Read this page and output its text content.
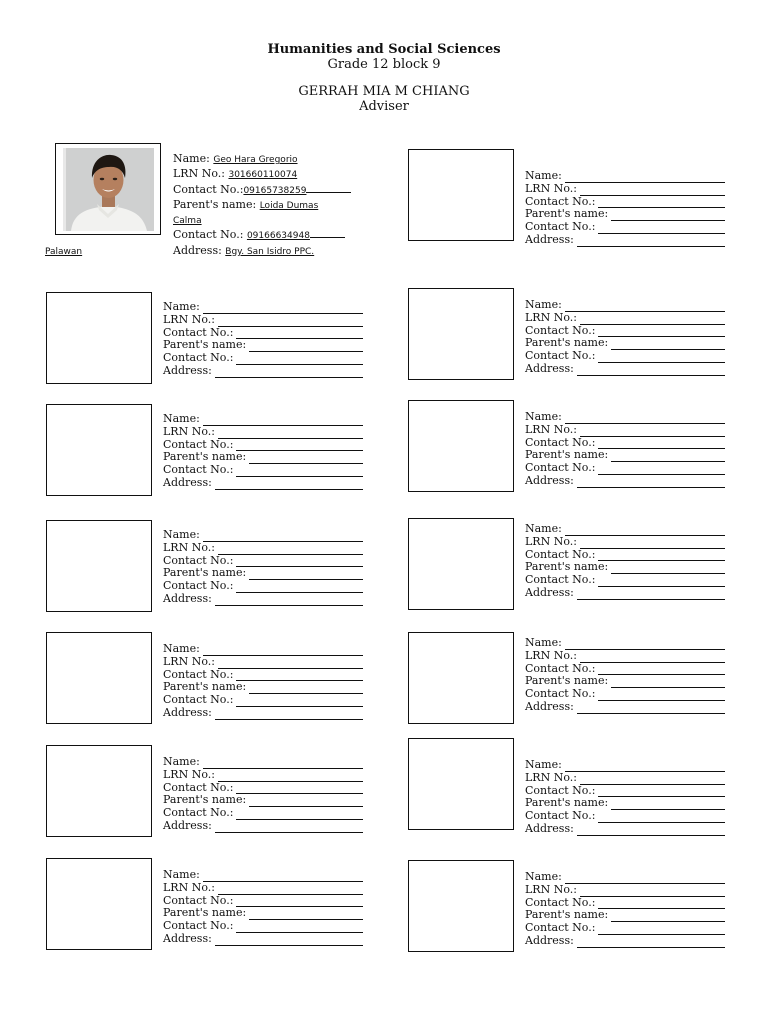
Humanities and Social Sciences
Grade 12 block 9
GERRAH MIA M CHIANG
Adviser
Name: Geo Hara Gregorio
LRN No.: 301660110074
Contact No.:09165738259
Parent's name: Loida Dumas
Calma
Contact No.: 09166634948
Address: Bgy. San Isidro PPC.
Palawan
Name:
LRN No.:
Contact No.:
Parent's name:
Contact No.:
Address:
Name:
LRN No.:
Contact No.:
Parent's name:
Contact No.:
Address:
Name:
LRN No.:
Contact No.:
Parent's name:
Contact No.:
Address:
Name:
LRN No.:
Contact No.:
Parent's name:
Contact No.:
Address:
Name:
LRN No.:
Contact No.:
Parent's name:
Contact No.:
Address:
Name:
LRN No.:
Contact No.:
Parent's name:
Contact No.:
Address:
Name:
LRN No.:
Contact No.:
Parent's name:
Contact No.:
Address:
Name:
LRN No.:
Contact No.:
Parent's name:
Contact No.:
Address:
Name:
LRN No.:
Contact No.:
Parent's name:
Contact No.:
Address:
Name:
LRN No.:
Contact No.:
Parent's name:
Contact No.:
Address:
Name:
LRN No.:
Contact No.:
Parent's name:
Contact No.:
Address:
Name:
LRN No.:
Contact No.:
Parent's name:
Contact No.:
Address:
Name:
LRN No.:
Contact No.:
Parent's name:
Contact No.:
Address:
